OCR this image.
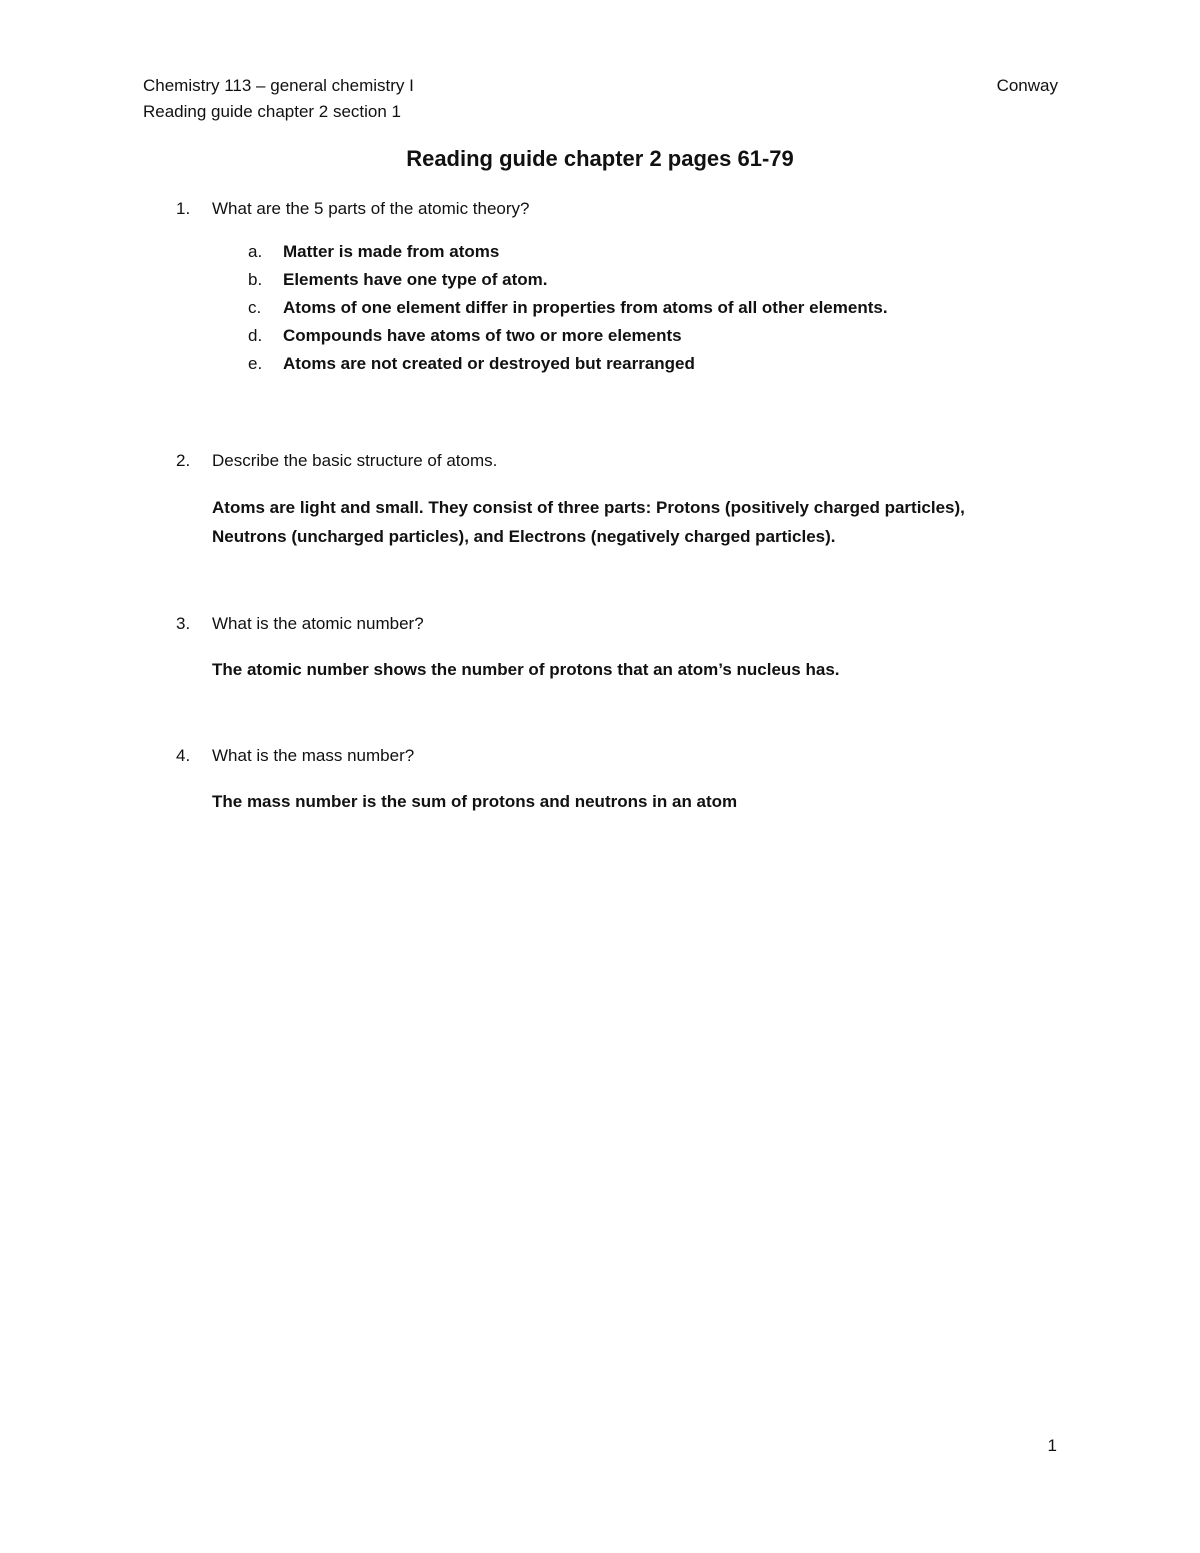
Chemistry 113 – general chemistry I
Reading guide chapter 2 section 1
Conway
Reading guide chapter 2 pages 61-79
1. What are the 5 parts of the atomic theory?
a. Matter is made from atoms
b. Elements have one type of atom.
c. Atoms of one element differ in properties from atoms of all other elements.
d. Compounds have atoms of two or more elements
e. Atoms are not created or destroyed but rearranged
2. Describe the basic structure of atoms.
Atoms are light and small. They consist of three parts: Protons (positively charged particles),
Neutrons (uncharged particles), and Electrons (negatively charged particles).
3. What is the atomic number?
The atomic number shows the number of protons that an atom’s nucleus has.
4. What is the mass number?
The mass number is the sum of protons and neutrons in an atom
1
